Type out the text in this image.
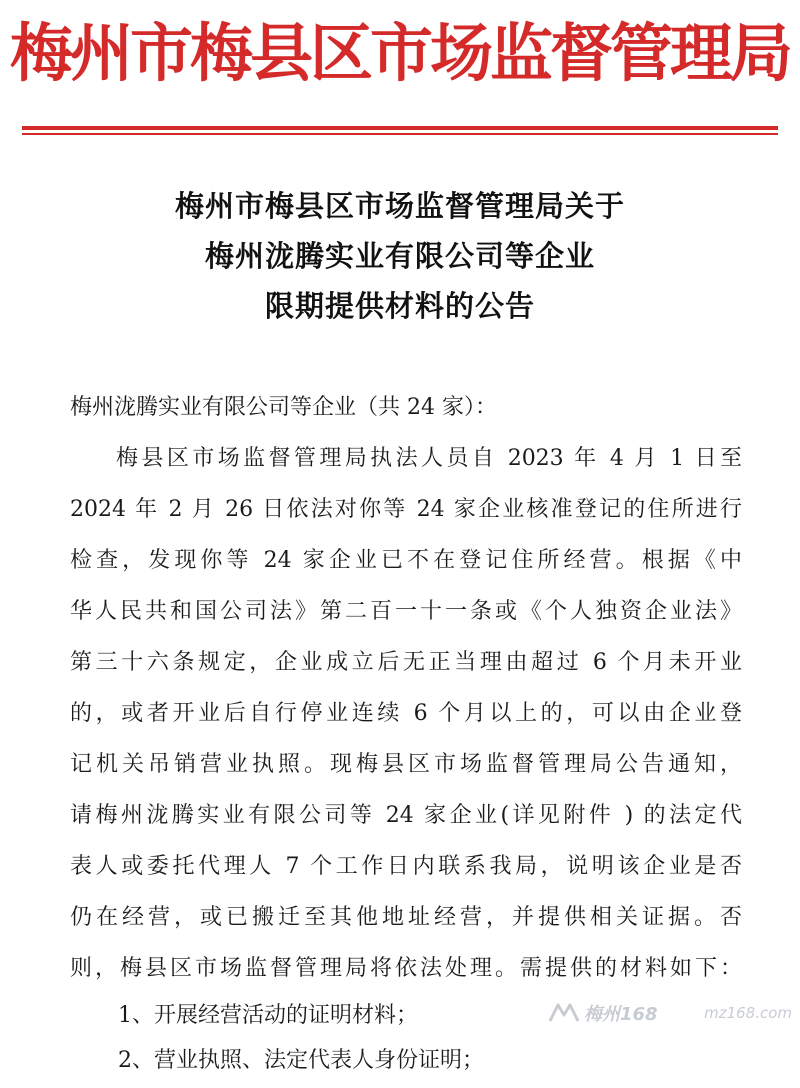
梅州市梅县区市场监督管理局
梅州市梅县区市场监督管理局关于
梅州泷腾实业有限公司等企业
限期提供材料的公告
梅州泷腾实业有限公司等企业（共 24 家）：
梅县区市场监督管理局执法人员自 2023 年 4 月 1 日至
2024 年 2 月 26 日依法对你等 24 家企业核准登记的住所进行
检查，发现你等 24 家企业已不在登记住所经营。根据《中
华人民共和国公司法》第二百一十一条或《个人独资企业法》
第三十六条规定，企业成立后无正当理由超过 6 个月未开业
的，或者开业后自行停业连续 6 个月以上的，可以由企业登
记机关吊销营业执照。现梅县区市场监督管理局公告通知，
请梅州泷腾实业有限公司等 24 家企业(详见附件 ) 的法定代
表人或委托代理人 7 个工作日内联系我局，说明该企业是否
仍在经营，或已搬迁至其他地址经营，并提供相关证据。否
则，梅县区市场监督管理局将依法处理。需提供的材料如下：
1、开展经营活动的证明材料；
2、营业执照、法定代表人身份证明；
梅州168	mz168.com
